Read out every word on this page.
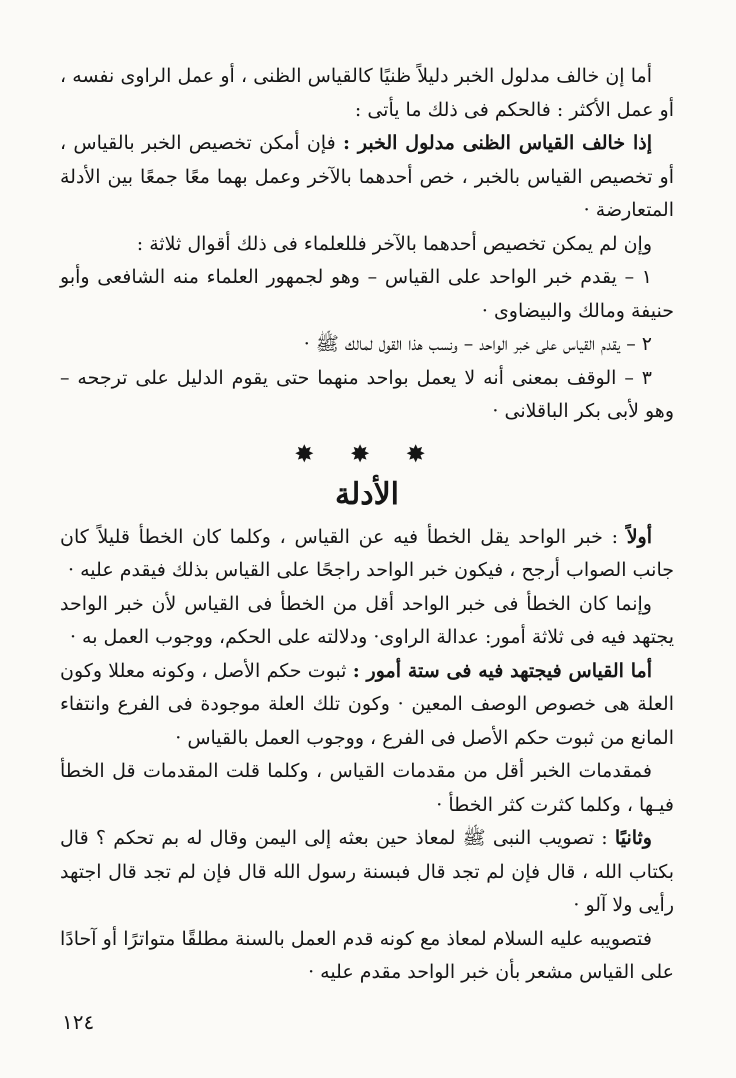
أما إن خالف مدلول الخبر دليلاً ظنيًا كالقياس الظنى ، أو عمل الراوى نفسه ، أو عمل الأكثر : فالحكم فى ذلك ما يأتى :

إذا خالف القياس الظنى مدلول الخبر : فإن أمكن تخصيص الخبر بالقياس ، أو تخصيص القياس بالخبر ، خص أحدهما بالآخر وعمل بهما معًا جمعًا بين الأدلة المتعارضة ·

وإن لم يمكن تخصيص أحدهما بالآخر فللعلماء فى ذلك أقوال ثلاثة :

١ – يقدم خبر الواحد على القياس – وهو لجمهور العلماء منه الشافعى وأبو حنيفة ومالك والبيضاوى ·

٢ – يقدم القياس على خبر الواحد – ونسب هذا القول لمالك ﷺ ·

٣ – الوقف بمعنى أنه لا يعمل بواحد منهما حتى يقوم الدليل على ترجحه – وهو لأبى بكر الباقلانى ·

✸ ✸ ✸

الأدلة

أولاً : خبر الواحد يقل الخطأ فيه عن القياس ، وكلما كان الخطأ قليلاً كان جانب الصواب أرجح ، فيكون خبر الواحد راجحًا على القياس بذلك فيقدم عليه ·

وإنما كان الخطأ فى خبر الواحد أقل من الخطأ فى القياس لأن خبر الواحد يجتهد فيه فى ثلاثة أمور: عدالة الراوى· ودلالته على الحكم، ووجوب العمل به ·

أما القياس فيجتهد فيه فى ستة أمور : ثبوت حكم الأصل ، وكونه معللا وكون العلة هى خصوص الوصف المعين · وكون تلك العلة موجودة فى الفرع وانتفاء المانع من ثبوت حكم الأصل فى الفرع ، ووجوب العمل بالقياس ·

فمقدمات الخبر أقل من مقدمات القياس ، وكلما قلت المقدمات قل الخطأ فيـها ، وكلما كثرت كثر الخطأ ·

وثانيًا : تصويب النبى ﷺ لمعاذ حين بعثه إلى اليمن وقال له بم تحكم ؟ قال بكتاب الله ، قال فإن لم تجد قال فبسنة رسول الله قال فإن لم تجد قال اجتهد رأيى ولا آلو ·

فتصويبه عليه السلام لمعاذ مع كونه قدم العمل بالسنة مطلقًا متواترًا أو آحادًا على القياس مشعر بأن خبر الواحد مقدم عليه ·

١٢٤
